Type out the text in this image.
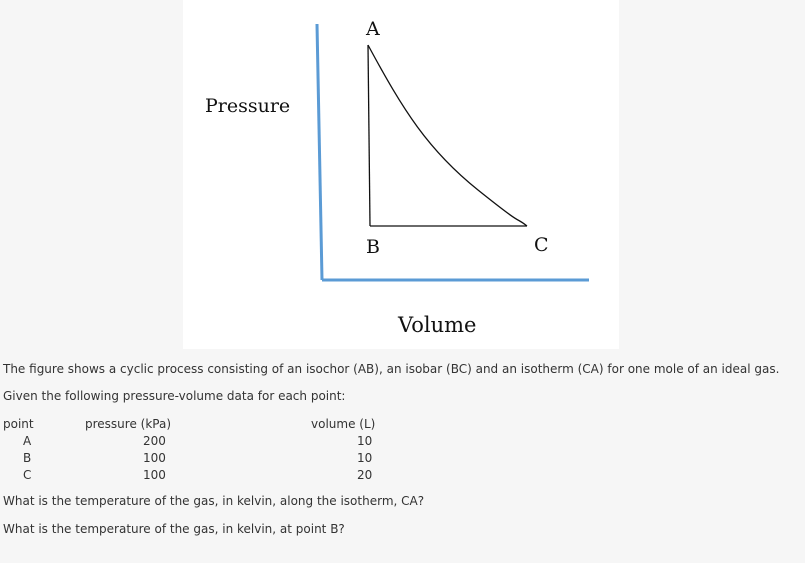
A
B	C
Pressure
Volume

The figure shows a cyclic process consisting of an isochor (AB), an isobar (BC) and an isotherm (CA) for one mole of an ideal gas.

Given the following pressure-volume data for each point:

point	pressure (kPa)	volume (L)
A	200	10
B	100	10
C	100	20

What is the temperature of the gas, in kelvin, along the isotherm, CA?

What is the temperature of the gas, in kelvin, at point B?
